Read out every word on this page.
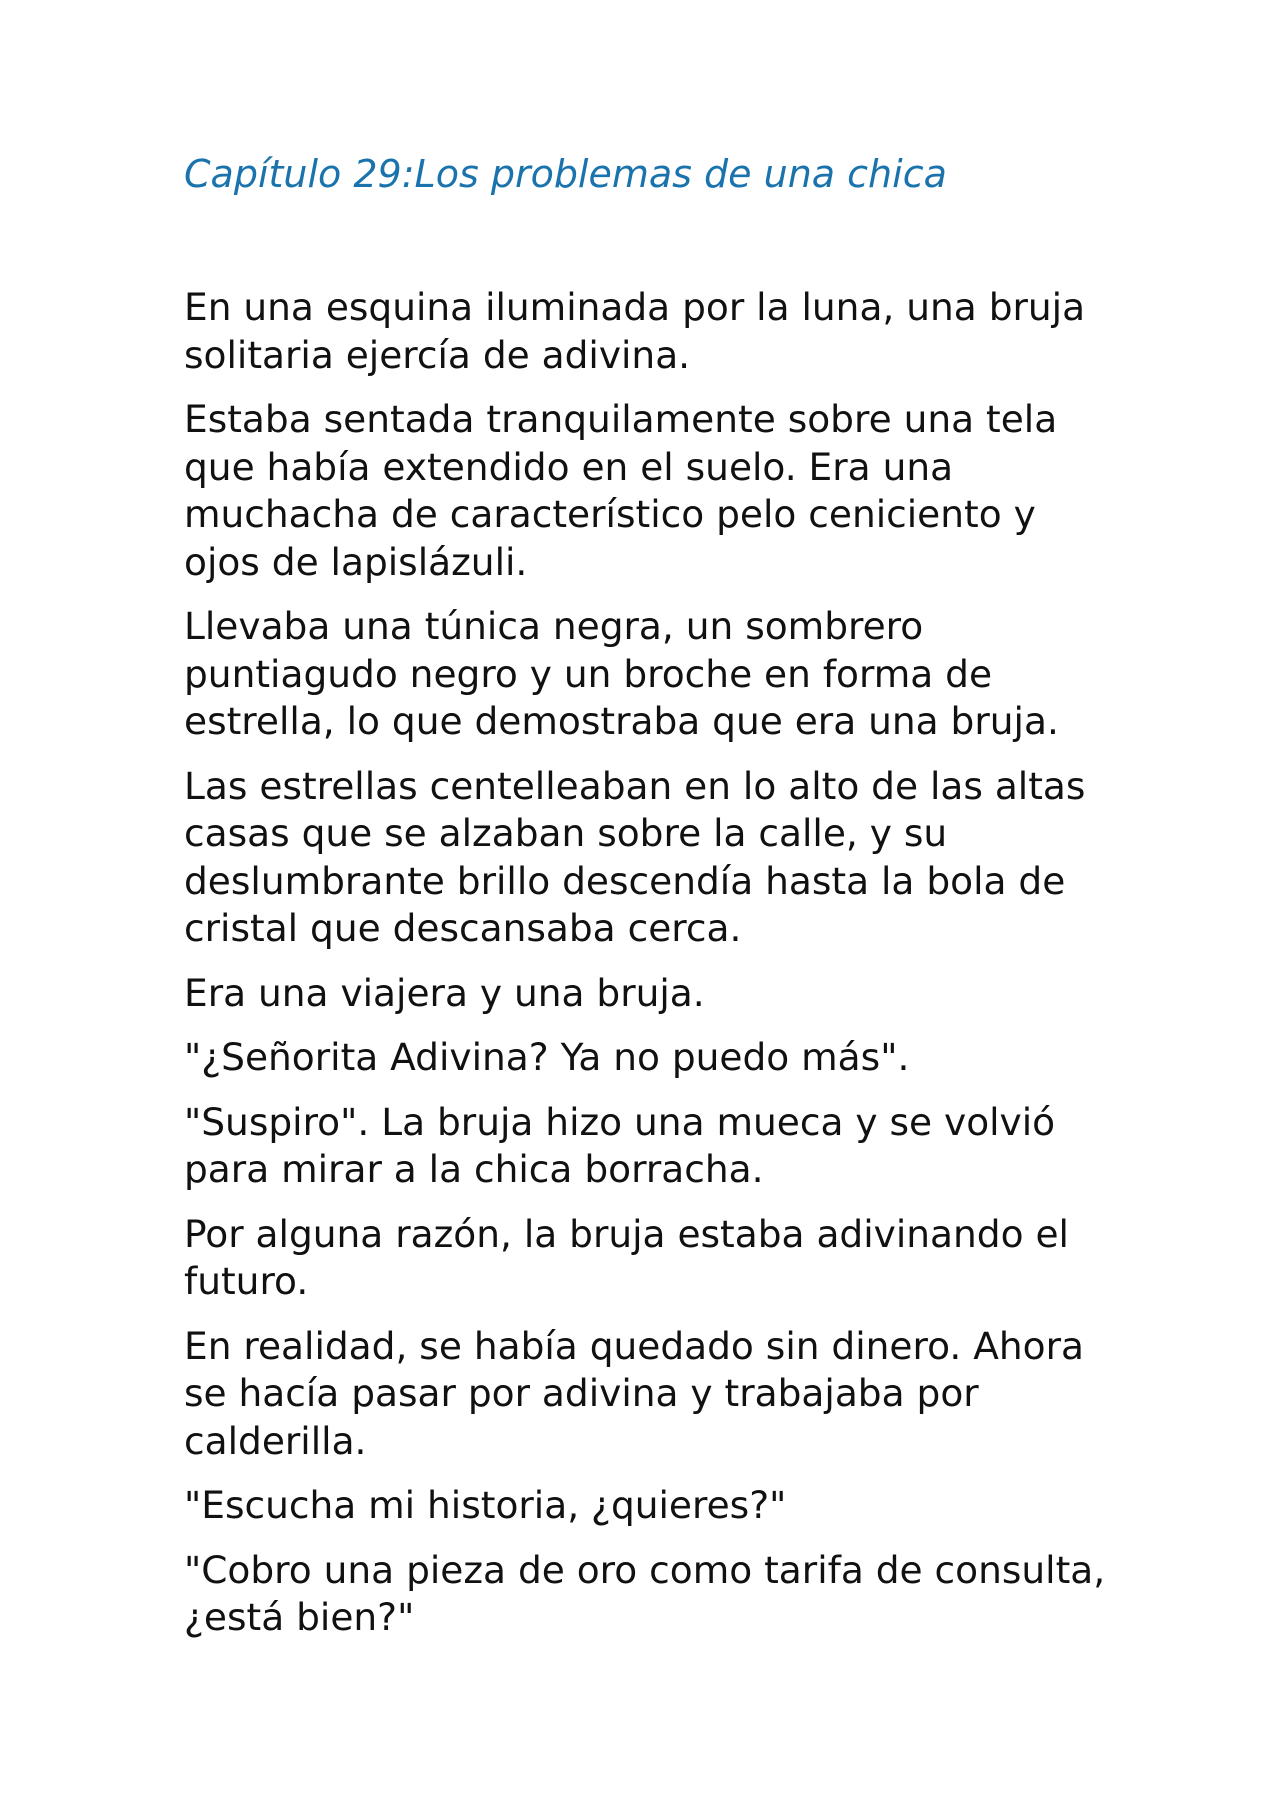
Capítulo 29:Los problemas de una chica

En una esquina iluminada por la luna, una bruja solitaria ejercía de adivina.

Estaba sentada tranquilamente sobre una tela que había extendido en el suelo. Era una muchacha de característico pelo ceniciento y ojos de lapislázuli.

Llevaba una túnica negra, un sombrero puntiagudo negro y un broche en forma de estrella, lo que demostraba que era una bruja.

Las estrellas centelleaban en lo alto de las altas casas que se alzaban sobre la calle, y su deslumbrante brillo descendía hasta la bola de cristal que descansaba cerca.

Era una viajera y una bruja.

"¿Señorita Adivina? Ya no puedo más".

"Suspiro". La bruja hizo una mueca y se volvió para mirar a la chica borracha.

Por alguna razón, la bruja estaba adivinando el futuro.

En realidad, se había quedado sin dinero. Ahora se hacía pasar por adivina y trabajaba por calderilla.

"Escucha mi historia, ¿quieres?"

"Cobro una pieza de oro como tarifa de consulta, ¿está bien?"
